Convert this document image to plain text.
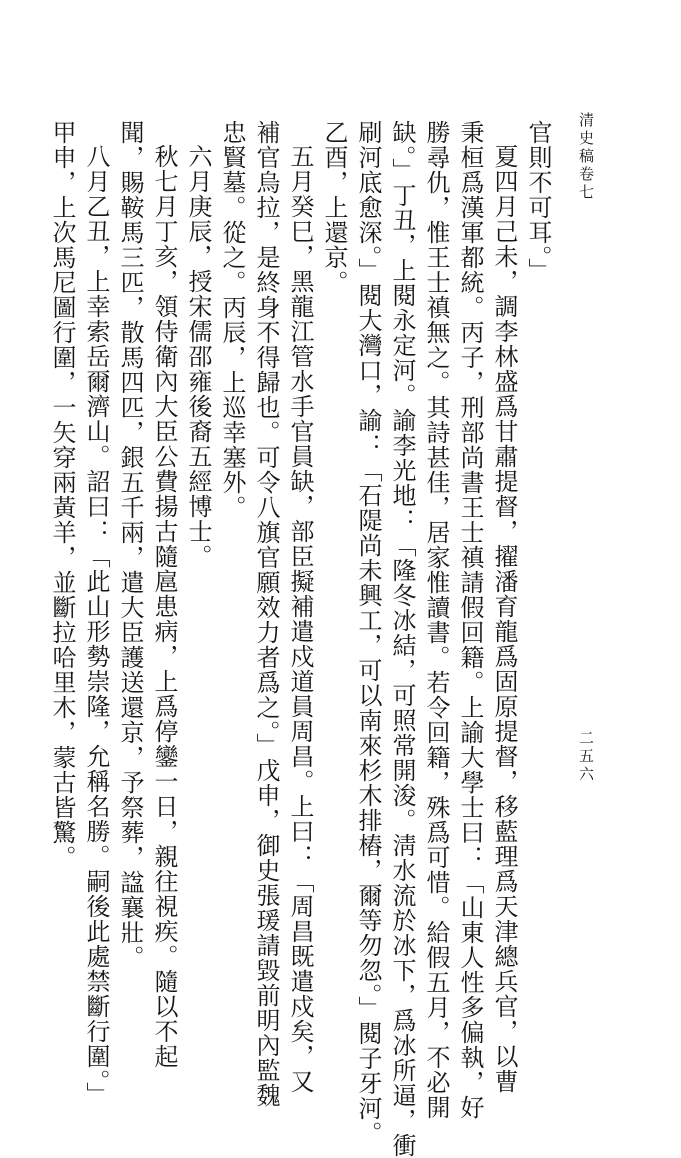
清史稿卷七
二五六

官則不可耳。」

夏四月己未，調李林盛爲甘肅提督，擢潘育龍爲固原提督，移藍理爲天津總兵官，以曹

秉桓爲漢軍都統。丙子，刑部尚書王士禛請假回籍。上諭大學士曰：「山東人性多偏執，好

勝尋仇，惟王士禛無之。其詩甚佳，居家惟讀書。若令回籍，殊爲可惜。給假五月，不必開

缺。」丁丑，上閱永定河。諭李光地：「隆冬冰結，可照常開浚。淸水流於冰下，爲冰所逼，衝

刷河底愈深。」閱大灣口，諭：「石隄尚未興工，可以南來杉木排樁，爾等勿忽。」閱子牙河。

乙酉，上還京。

五月癸巳，黑龍江管水手官員缺，部臣擬補遣戍道員周昌。上曰：「周昌既遣戍矣，又

補官烏拉，是終身不得歸也。可令八旗官願效力者爲之。」戊申，御史張瑗請毀前明內監魏

忠賢墓。從之。丙辰，上巡幸塞外。

六月庚辰，授宋儒邵雍後裔五經博士。

秋七月丁亥，領侍衛內大臣公費揚古隨扈患病，上爲停鑾一日，親往視疾。隨以不起

聞，賜鞍馬三匹，散馬四匹，銀五千兩，遣大臣護送還京，予祭葬，諡襄壯。

八月乙丑，上幸索岳爾濟山。詔曰：「此山形勢崇隆，允稱名勝。嗣後此處禁斷行圍。」

甲申，上次馬尼圖行圍，一矢穿兩黃羊，並斷拉哈里木，蒙古皆驚。
